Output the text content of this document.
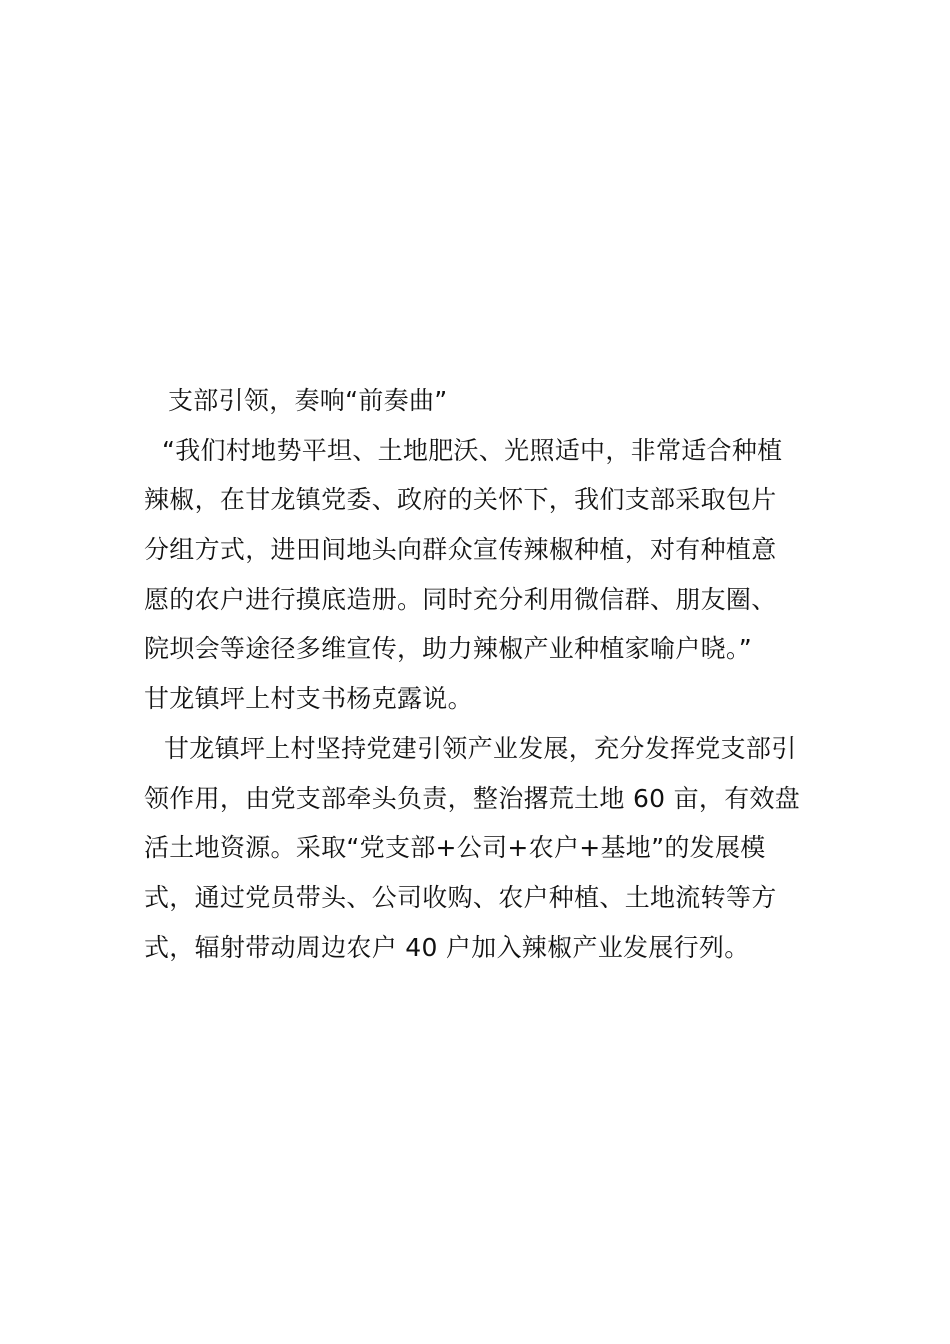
支部引领，奏响“前奏曲”
“我们村地势平坦、土地肥沃、光照适中，非常适合种植
辣椒，在甘龙镇党委、政府的关怀下，我们支部采取包片
分组方式，进田间地头向群众宣传辣椒种植，对有种植意
愿的农户进行摸底造册。同时充分利用微信群、朋友圈、
院坝会等途径多维宣传，助力辣椒产业种植家喻户晓。”
甘龙镇坪上村支书杨克露说。
甘龙镇坪上村坚持党建引领产业发展，充分发挥党支部引
领作用，由党支部牵头负责，整治撂荒土地 60 亩，有效盘
活土地资源。采取“党支部+公司+农户+基地”的发展模
式，通过党员带头、公司收购、农户种植、土地流转等方
式，辐射带动周边农户 40 户加入辣椒产业发展行列。
